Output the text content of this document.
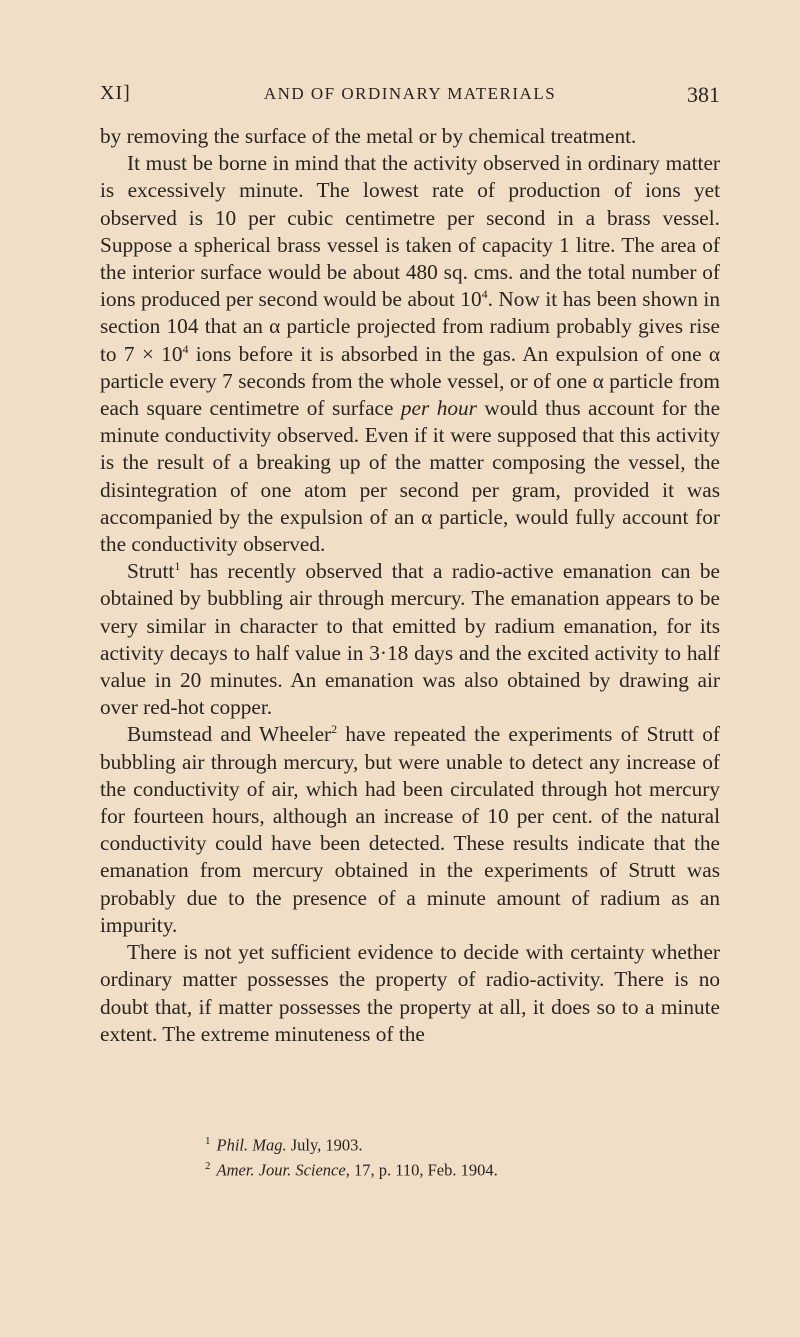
XI]	AND OF ORDINARY MATERIALS	381

by removing the surface of the metal or by chemical treatment.

It must be borne in mind that the activity observed in ordinary matter is excessively minute. The lowest rate of production of ions yet observed is 10 per cubic centimetre per second in a brass vessel. Suppose a spherical brass vessel is taken of capacity 1 litre. The area of the interior surface would be about 480 sq. cms. and the total number of ions produced per second would be about $10^4$. Now it has been shown in section 104 that an α particle projected from radium probably gives rise to $7 \times 10^4$ ions before it is absorbed in the gas. An expulsion of one α particle every 7 seconds from the whole vessel, or of one α particle from each square centimetre of surface per hour would thus account for the minute conductivity observed. Even if it were supposed that this activity is the result of a breaking up of the matter composing the vessel, the disintegration of one atom per second per gram, provided it was accompanied by the expulsion of an α particle, would fully account for the conductivity observed.

Strutt$^1$ has recently observed that a radio-active emanation can be obtained by bubbling air through mercury. The emanation appears to be very similar in character to that emitted by radium emanation, for its activity decays to half value in 3·18 days and the excited activity to half value in 20 minutes. An emanation was also obtained by drawing air over red-hot copper.

Bumstead and Wheeler$^2$ have repeated the experiments of Strutt of bubbling air through mercury, but were unable to detect any increase of the conductivity of air, which had been circulated through hot mercury for fourteen hours, although an increase of 10 per cent. of the natural conductivity could have been detected. These results indicate that the emanation from mercury obtained in the experiments of Strutt was probably due to the presence of a minute amount of radium as an impurity.

There is not yet sufficient evidence to decide with certainty whether ordinary matter possesses the property of radio-activity. There is no doubt that, if matter possesses the property at all, it does so to a minute extent. The extreme minuteness of the

$^1$ Phil. Mag. July, 1903.
$^2$ Amer. Jour. Science, 17, p. 110, Feb. 1904.
